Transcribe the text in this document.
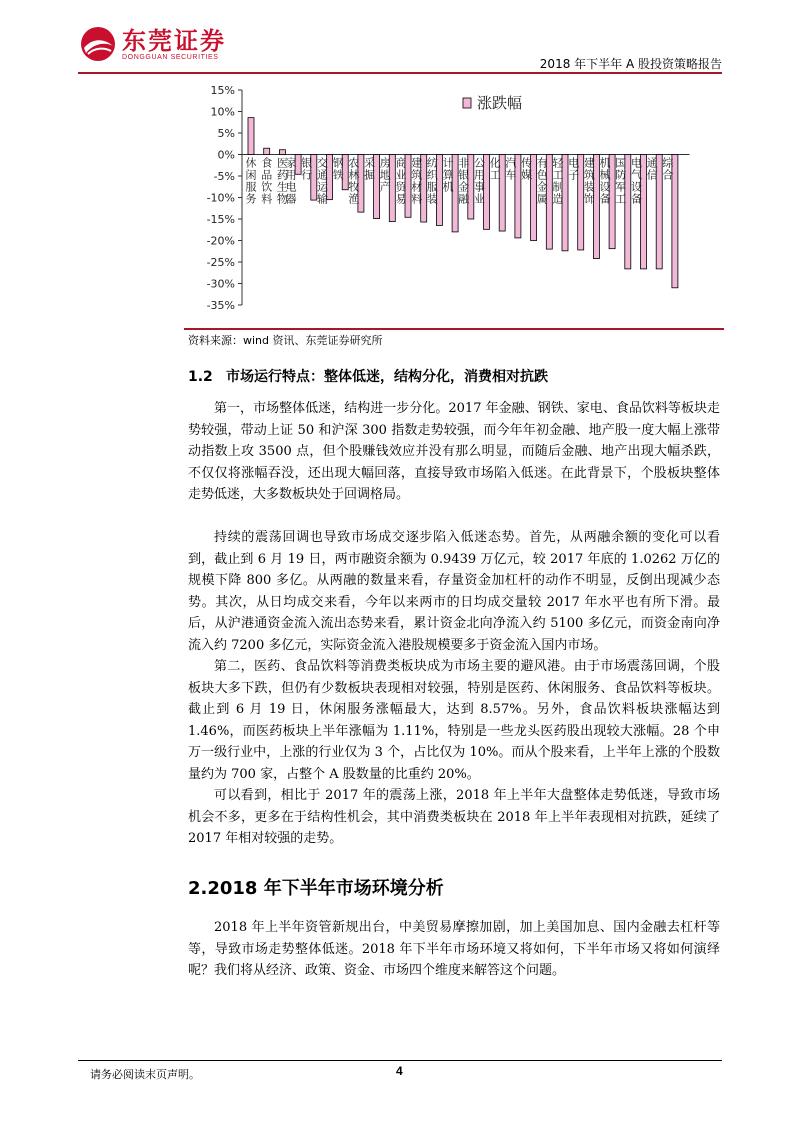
东莞证券
DONGGUAN SECURITIES	2018 年下半年 A 股投资策略报告
15%
10%
5%
0%
-5%
-10%
-15%
-20%
-25%
-30%
-35%
休闲服务
食品饮料
医药生物
家用电器
银行
交通运输
钢铁
农林牧渔
采掘
房地产
商业贸易
建筑材料
纺织服装
计算机
非银金融
公用事业
化工
汽车
传媒
有色金属
轻工制造
电子
建筑装饰
机械设备
国防军工
电气设备
通信
综合
涨跌幅
资料来源：wind 资讯、东莞证券研究所
1.2 市场运行特点：整体低迷，结构分化，消费相对抗跌

第一，市场整体低迷，结构进一步分化。2017 年金融、钢铁、家电、食品饮料等板块走势较强，带动上证 50 和沪深 300 指数走势较强，而今年年初金融、地产股一度大幅上涨带动指数上攻 3500 点，但个股赚钱效应并没有那么明显，而随后金融、地产出现大幅杀跌，不仅仅将涨幅吞没，还出现大幅回落，直接导致市场陷入低迷。在此背景下，个股板块整体走势低迷，大多数板块处于回调格局。

持续的震荡回调也导致市场成交逐步陷入低迷态势。首先，从两融余额的变化可以看到，截止到 6 月 19 日，两市融资余额为 0.9439 万亿元，较 2017 年底的 1.0262 万亿的规模下降 800 多亿。从两融的数量来看，存量资金加杠杆的动作不明显，反倒出现减少态势。其次，从日均成交来看，今年以来两市的日均成交量较 2017 年水平也有所下滑。最后，从沪港通资金流入流出态势来看，累计资金北向净流入约 5100 多亿元，而资金南向净流入约 7200 多亿元，实际资金流入港股规模要多于资金流入国内市场。

第二，医药、食品饮料等消费类板块成为市场主要的避风港。由于市场震荡回调，个股板块大多下跌，但仍有少数板块表现相对较强，特别是医药、休闲服务、食品饮料等板块。截止到 6 月 19 日，休闲服务涨幅最大，达到 8.57%。另外，食品饮料板块涨幅达到 1.46%，而医药板块上半年涨幅为 1.11%，特别是一些龙头医药股出现较大涨幅。28 个申万一级行业中，上涨的行业仅为 3 个，占比仅为 10%。而从个股来看，上半年上涨的个股数量约为 700 家，占整个 A 股数量的比重约 20%。

可以看到，相比于 2017 年的震荡上涨，2018 年上半年大盘整体走势低迷，导致市场机会不多，更多在于结构性机会，其中消费类板块在 2018 年上半年表现相对抗跌，延续了 2017 年相对较强的走势。

2.2018 年下半年市场环境分析

2018 年上半年资管新规出台，中美贸易摩擦加剧，加上美国加息、国内金融去杠杆等等，导致市场走势整体低迷。2018 年下半年市场环境又将如何，下半年市场又将如何演绎呢？我们将从经济、政策、资金、市场四个维度来解答这个问题。

请务必阅读末页声明。	4
